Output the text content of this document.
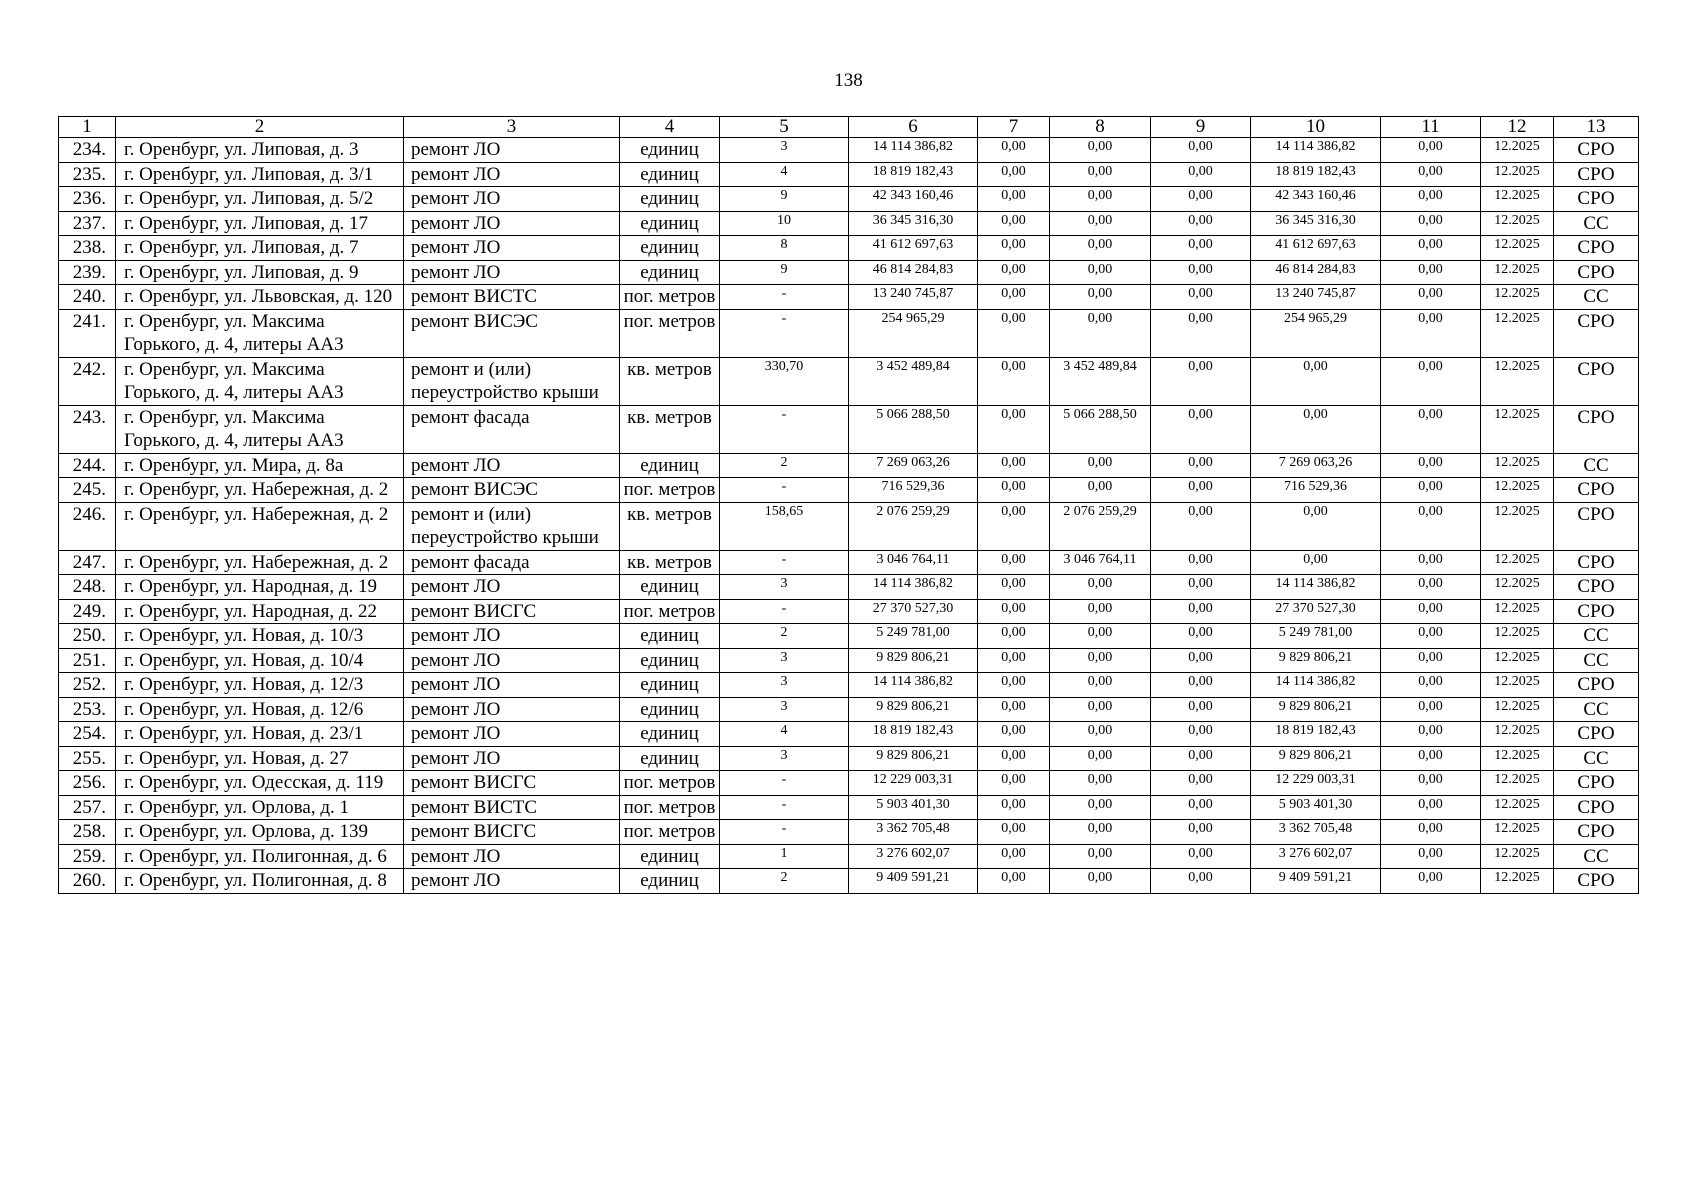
138
1	2	3	4	5	6	7	8	9	10	11	12	13
234.	г. Оренбург, ул. Липовая, д. 3	ремонт ЛО	единиц	3	14 114 386,82	0,00	0,00	0,00	14 114 386,82	0,00	12.2025	СРО
235.	г. Оренбург, ул. Липовая, д. 3/1	ремонт ЛО	единиц	4	18 819 182,43	0,00	0,00	0,00	18 819 182,43	0,00	12.2025	СРО
236.	г. Оренбург, ул. Липовая, д. 5/2	ремонт ЛО	единиц	9	42 343 160,46	0,00	0,00	0,00	42 343 160,46	0,00	12.2025	СРО
237.	г. Оренбург, ул. Липовая, д. 17	ремонт ЛО	единиц	10	36 345 316,30	0,00	0,00	0,00	36 345 316,30	0,00	12.2025	СС
238.	г. Оренбург, ул. Липовая, д. 7	ремонт ЛО	единиц	8	41 612 697,63	0,00	0,00	0,00	41 612 697,63	0,00	12.2025	СРО
239.	г. Оренбург, ул. Липовая, д. 9	ремонт ЛО	единиц	9	46 814 284,83	0,00	0,00	0,00	46 814 284,83	0,00	12.2025	СРО
240.	г. Оренбург, ул. Львовская, д. 120	ремонт ВИСТС	пог. метров	-	13 240 745,87	0,00	0,00	0,00	13 240 745,87	0,00	12.2025	СС
241.	г. Оренбург, ул. Максима Горького, д. 4, литеры АА3	ремонт ВИСЭС	пог. метров	-	254 965,29	0,00	0,00	0,00	254 965,29	0,00	12.2025	СРО
242.	г. Оренбург, ул. Максима Горького, д. 4, литеры АА3	ремонт и (или) переустройство крыши	кв. метров	330,70	3 452 489,84	0,00	3 452 489,84	0,00	0,00	0,00	12.2025	СРО
243.	г. Оренбург, ул. Максима Горького, д. 4, литеры АА3	ремонт фасада	кв. метров	-	5 066 288,50	0,00	5 066 288,50	0,00	0,00	0,00	12.2025	СРО
244.	г. Оренбург, ул. Мира, д. 8а	ремонт ЛО	единиц	2	7 269 063,26	0,00	0,00	0,00	7 269 063,26	0,00	12.2025	СС
245.	г. Оренбург, ул. Набережная, д. 2	ремонт ВИСЭС	пог. метров	-	716 529,36	0,00	0,00	0,00	716 529,36	0,00	12.2025	СРО
246.	г. Оренбург, ул. Набережная, д. 2	ремонт и (или) переустройство крыши	кв. метров	158,65	2 076 259,29	0,00	2 076 259,29	0,00	0,00	0,00	12.2025	СРО
247.	г. Оренбург, ул. Набережная, д. 2	ремонт фасада	кв. метров	-	3 046 764,11	0,00	3 046 764,11	0,00	0,00	0,00	12.2025	СРО
248.	г. Оренбург, ул. Народная, д. 19	ремонт ЛО	единиц	3	14 114 386,82	0,00	0,00	0,00	14 114 386,82	0,00	12.2025	СРО
249.	г. Оренбург, ул. Народная, д. 22	ремонт ВИСГС	пог. метров	-	27 370 527,30	0,00	0,00	0,00	27 370 527,30	0,00	12.2025	СРО
250.	г. Оренбург, ул. Новая, д. 10/3	ремонт ЛО	единиц	2	5 249 781,00	0,00	0,00	0,00	5 249 781,00	0,00	12.2025	СС
251.	г. Оренбург, ул. Новая, д. 10/4	ремонт ЛО	единиц	3	9 829 806,21	0,00	0,00	0,00	9 829 806,21	0,00	12.2025	СС
252.	г. Оренбург, ул. Новая, д. 12/3	ремонт ЛО	единиц	3	14 114 386,82	0,00	0,00	0,00	14 114 386,82	0,00	12.2025	СРО
253.	г. Оренбург, ул. Новая, д. 12/6	ремонт ЛО	единиц	3	9 829 806,21	0,00	0,00	0,00	9 829 806,21	0,00	12.2025	СС
254.	г. Оренбург, ул. Новая, д. 23/1	ремонт ЛО	единиц	4	18 819 182,43	0,00	0,00	0,00	18 819 182,43	0,00	12.2025	СРО
255.	г. Оренбург, ул. Новая, д. 27	ремонт ЛО	единиц	3	9 829 806,21	0,00	0,00	0,00	9 829 806,21	0,00	12.2025	СС
256.	г. Оренбург, ул. Одесская, д. 119	ремонт ВИСГС	пог. метров	-	12 229 003,31	0,00	0,00	0,00	12 229 003,31	0,00	12.2025	СРО
257.	г. Оренбург, ул. Орлова, д. 1	ремонт ВИСТС	пог. метров	-	5 903 401,30	0,00	0,00	0,00	5 903 401,30	0,00	12.2025	СРО
258.	г. Оренбург, ул. Орлова, д. 139	ремонт ВИСГС	пог. метров	-	3 362 705,48	0,00	0,00	0,00	3 362 705,48	0,00	12.2025	СРО
259.	г. Оренбург, ул. Полигонная, д. 6	ремонт ЛО	единиц	1	3 276 602,07	0,00	0,00	0,00	3 276 602,07	0,00	12.2025	СС
260.	г. Оренбург, ул. Полигонная, д. 8	ремонт ЛО	единиц	2	9 409 591,21	0,00	0,00	0,00	9 409 591,21	0,00	12.2025	СРО
